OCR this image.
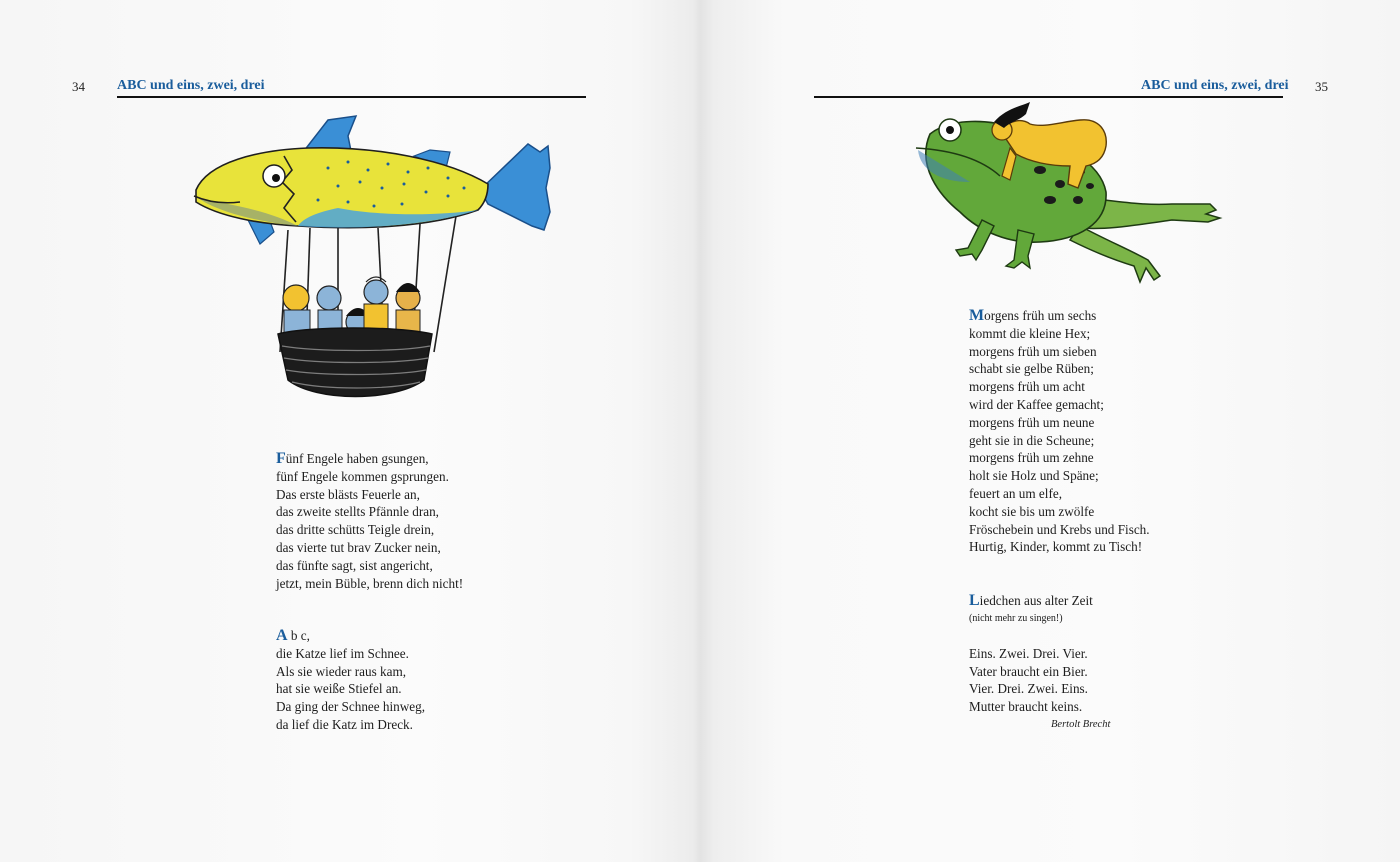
34 ABC und eins, zwei, drei
Fünf Engele haben gsungen,
fünf Engele kommen gsprungen.
Das erste blästs Feuerle an,
das zweite stellts Pfännle dran,
das dritte schütts Teigle drein,
das vierte tut brav Zucker nein,
das fünfte sagt, sist angericht,
jetzt, mein Büble, brenn dich nicht!
A b c,
die Katze lief im Schnee.
Als sie wieder raus kam,
hat sie weiße Stiefel an.
Da ging der Schnee hinweg,
da lief die Katz im Dreck.
ABC und eins, zwei, drei 35
Morgens früh um sechs
kommt die kleine Hex;
morgens früh um sieben
schabt sie gelbe Rüben;
morgens früh um acht
wird der Kaffee gemacht;
morgens früh um neune
geht sie in die Scheune;
morgens früh um zehne
holt sie Holz und Späne;
feuert an um elfe,
kocht sie bis um zwölfe
Fröschebein und Krebs und Fisch.
Hurtig, Kinder, kommt zu Tisch!
Liedchen aus alter Zeit
(nicht mehr zu singen!)
Eins. Zwei. Drei. Vier.
Vater braucht ein Bier.
Vier. Drei. Zwei. Eins.
Mutter braucht keins.
Bertolt Brecht
